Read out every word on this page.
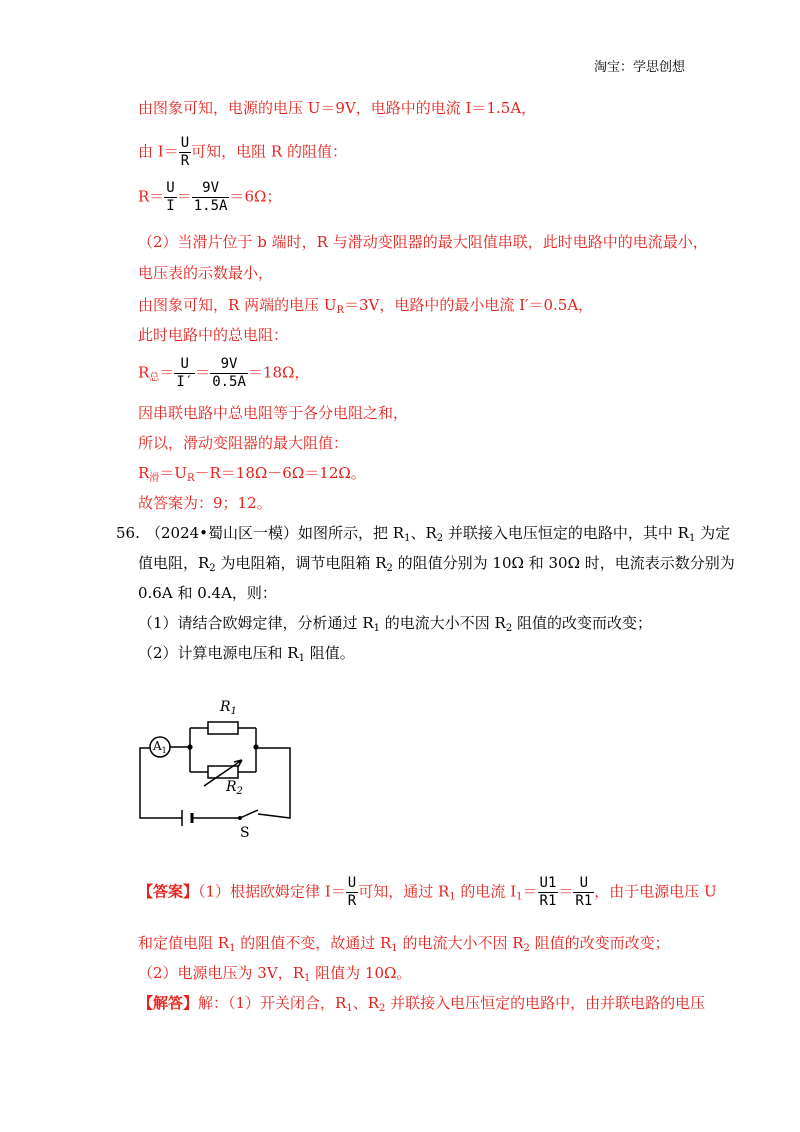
淘宝：学思创想
由图象可知，电源的电压 U＝9V，电路中的电流 I＝1.5A，
由 $I= \frac{U}{R}$ 可知，电阻 R 的阻值：
$R= \frac{U}{I} = \frac{9V}{1.5A} =6\Omega$；
（2）当滑片位于 b 端时，R 与滑动变阻器的最大阻值串联，此时电路中的电流最小，
电压表的示数最小，
由图象可知，R 两端的电压 $U_R=3V$，电路中的最小电流 I′＝0.5A，
此时电路中的总电阻：
$R_总= \frac{U}{I'} = \frac{9V}{0.5A} =18\Omega$，
因串联电路中总电阻等于各分电阻之和，
所以，滑动变阻器的最大阻值：
$R_滑=U_R-R=18\Omega-6\Omega=12\Omega$。
故答案为：9；12。
56. （2024•蜀山区一模）如图所示，把 $R_1$、$R_2$ 并联接入电压恒定的电路中，其中 $R_1$ 为定
值电阻，$R_2$ 为电阻箱，调节电阻箱 $R_2$ 的阻值分别为 10Ω 和 30Ω 时，电流表示数分别为
0.6A 和 0.4A，则：
（1）请结合欧姆定律，分析通过 $R_1$ 的电流大小不因 $R_2$ 阻值的改变而改变；
（2）计算电源电压和 $R_1$ 阻值。
$R_1$
$R_2$
$A_1$
S
【答案】（1）根据欧姆定律 $I= \frac{U}{R}$ 可知，通过 $R_1$ 的电流 $I_1= \frac{U1}{R1} = \frac{U}{R1}$ ，由于电源电压 U
和定值电阻 $R_1$ 的阻值不变，故通过 $R_1$ 的电流大小不因 $R_2$ 阻值的改变而改变；
（2）电源电压为 3V，$R_1$ 阻值为 10Ω。
【解答】解：（1）开关闭合，$R_1$、$R_2$ 并联接入电压恒定的电路中，由并联电路的电压
